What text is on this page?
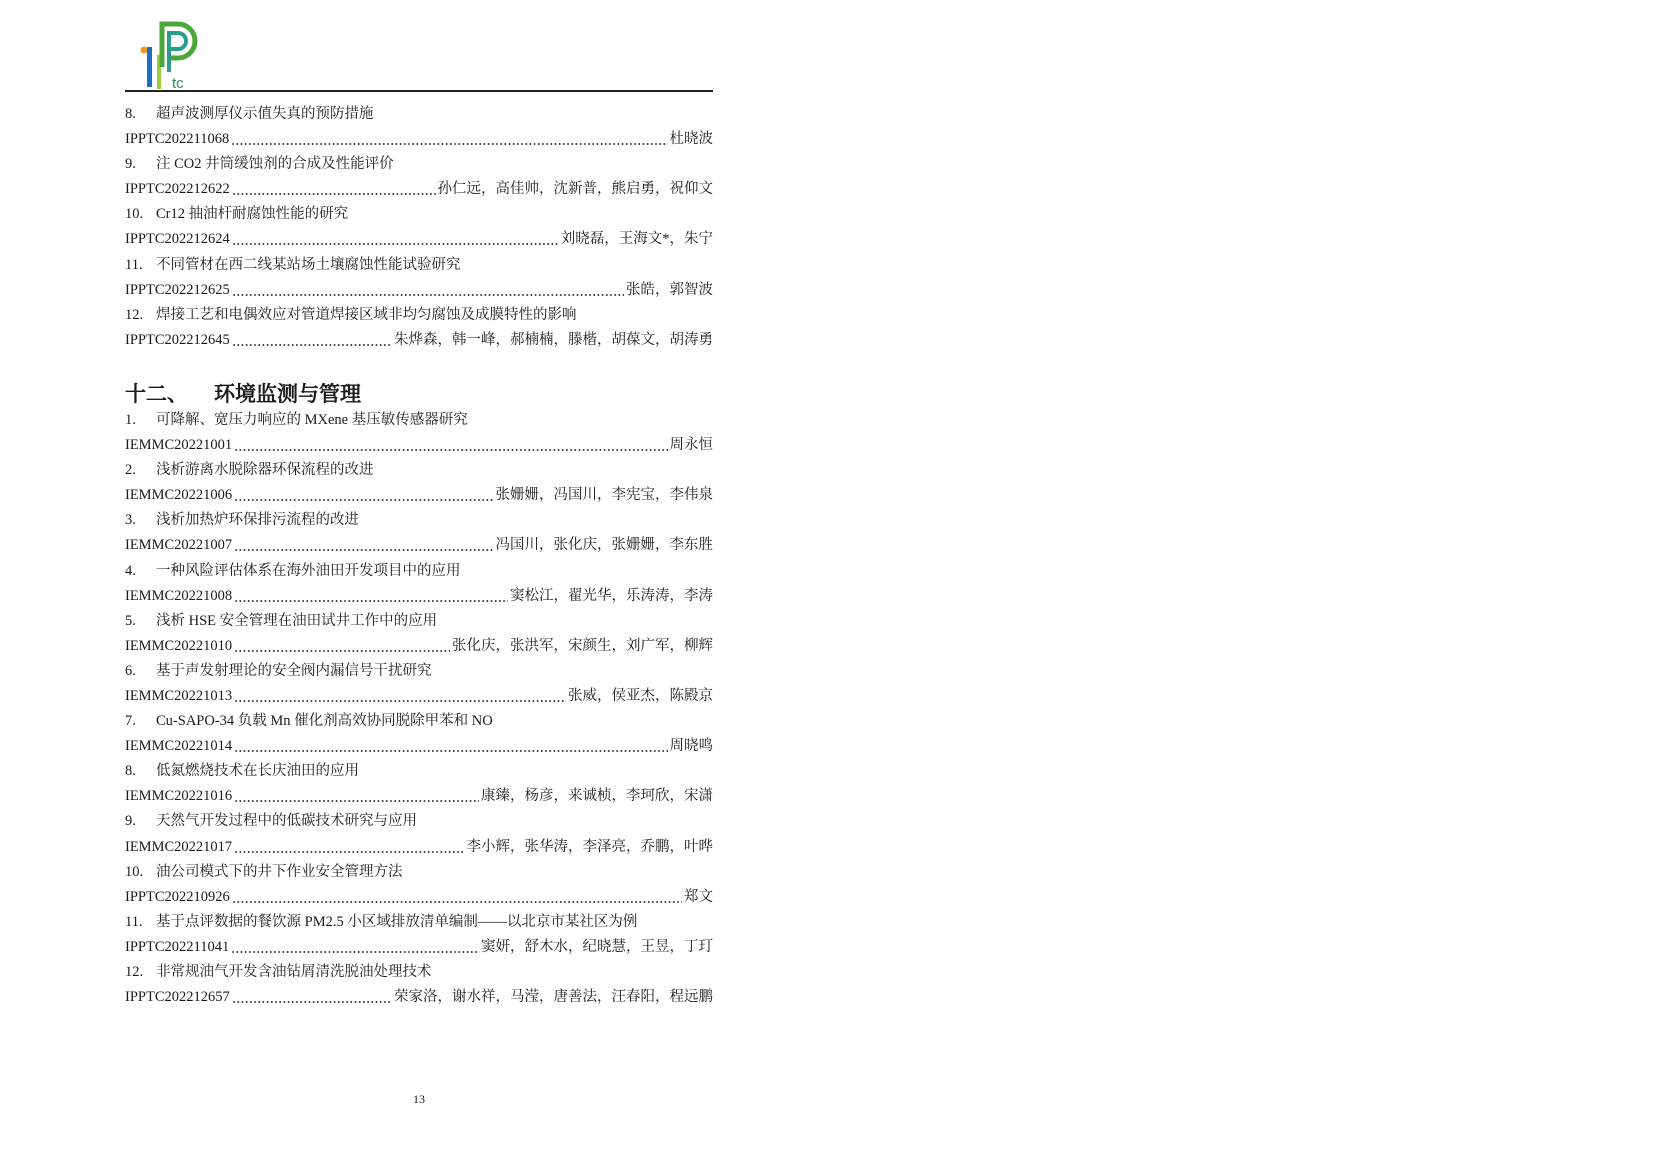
tc
8.	超声波测厚仪示值失真的预防措施
IPPTC202211068	杜晓波
9.	注 CO2 井筒缓蚀剂的合成及性能评价
IPPTC202212622	孙仁远，高佳帅，沈新普，熊启勇，祝仰文
10. Cr12 抽油杆耐腐蚀性能的研究
IPPTC202212624	刘晓磊，王海文*，朱宁
11. 不同管材在西二线某站场土壤腐蚀性能试验研究
IPPTC202212625	张皓，郭智波
12. 焊接工艺和电偶效应对管道焊接区域非均匀腐蚀及成膜特性的影响
IPPTC202212645	朱烨森，韩一峰，郝楠楠，滕楷，胡葆文，胡涛勇
十二、	环境监测与管理
1.	可降解、宽压力响应的 MXene 基压敏传感器研究
IEMMC20221001	周永恒
2.	浅析游离水脱除器环保流程的改进
IEMMC20221006	张姗姗，冯国川，李宪宝，李伟泉
3.	浅析加热炉环保排污流程的改进
IEMMC20221007	冯国川，张化庆，张姗姗，李东胜
4.	一种风险评估体系在海外油田开发项目中的应用
IEMMC20221008	窦松江，翟光华，乐涛涛，李涛
5.	浅析 HSE 安全管理在油田试井工作中的应用
IEMMC20221010	张化庆，张洪军，宋颜生，刘广军，柳辉
6.	基于声发射理论的安全阀内漏信号干扰研究
IEMMC20221013	张威，侯亚杰，陈殿京
7.	Cu-SAPO-34 负载 Mn 催化剂高效协同脱除甲苯和 NO
IEMMC20221014	周晓鸣
8.	低氮燃烧技术在长庆油田的应用
IEMMC20221016	康臻，杨彦，来诚桢，李珂欣，宋潇
9.	天然气开发过程中的低碳技术研究与应用
IEMMC20221017	李小辉，张华涛，李泽亮，乔鹏，叶晔
10. 油公司模式下的井下作业安全管理方法
IPPTC202210926	郑文
11. 基于点评数据的餐饮源 PM2.5 小区域排放清单编制——以北京市某社区为例
IPPTC202211041	窦妍，舒木水，纪晓慧，王昱，丁玎
12. 非常规油气开发含油钻屑清洗脱油处理技术
IPPTC202212657	荣家洛，谢水祥，马滢，唐善法，汪春阳，程远鹏
13
